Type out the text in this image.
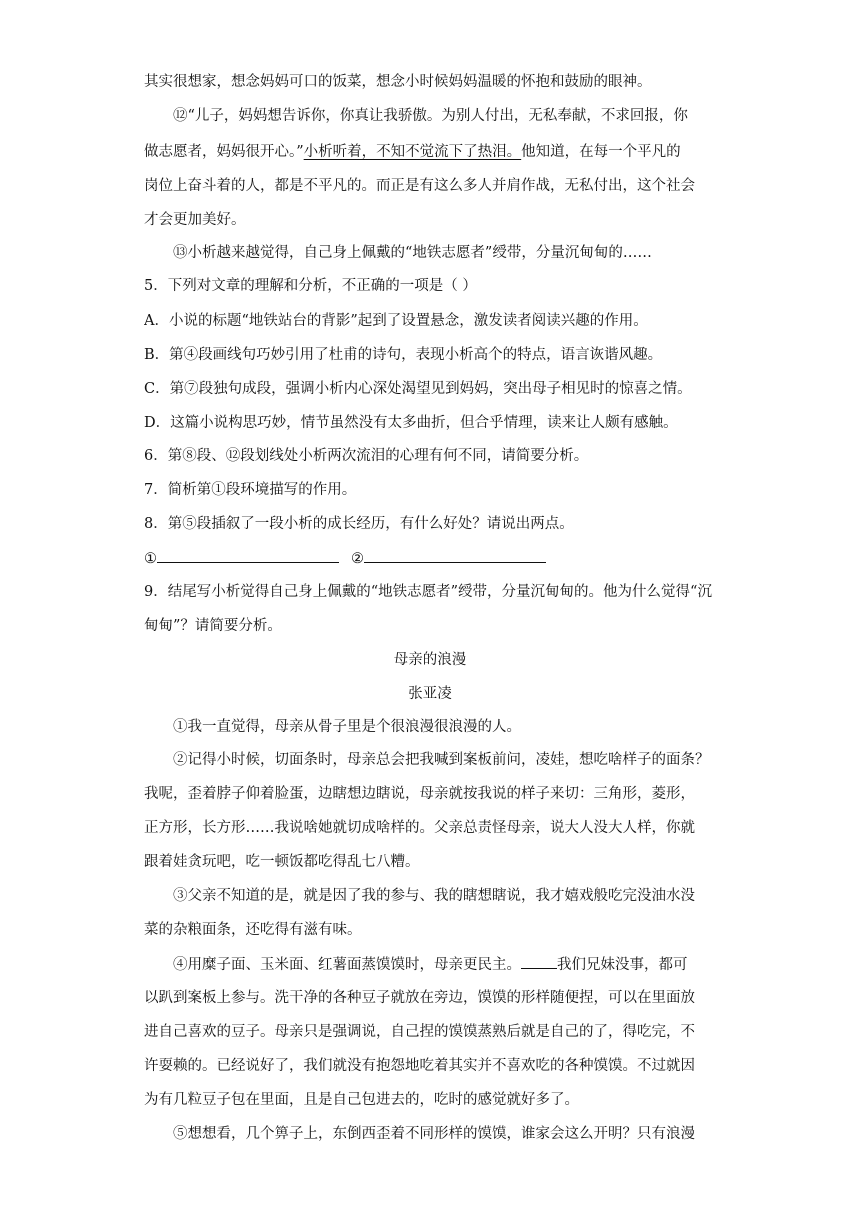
其实很想家，想念妈妈可口的饭菜，想念小时候妈妈温暖的怀抱和鼓励的眼神。
⑫“儿子，妈妈想告诉你，你真让我骄傲。为别人付出，无私奉献，不求回报，你
做志愿者，妈妈很开心。”小析听着，不知不觉流下了热泪。他知道，在每一个平凡的
岗位上奋斗着的人，都是不平凡的。而正是有这么多人并肩作战，无私付出，这个社会
才会更加美好。
⑬小析越来越觉得，自己身上佩戴的“地铁志愿者”绶带，分量沉甸甸的……
5．下列对文章的理解和分析，不正确的一项是（ ）
A．小说的标题“地铁站台的背影”起到了设置悬念，激发读者阅读兴趣的作用。
B．第④段画线句巧妙引用了杜甫的诗句，表现小析高个的特点，语言诙谐风趣。
C．第⑦段独句成段，强调小析内心深处渴望见到妈妈，突出母子相见时的惊喜之情。
D．这篇小说构思巧妙，情节虽然没有太多曲折，但合乎情理，读来让人颇有感触。
6．第⑧段、⑫段划线处小析两次流泪的心理有何不同，请简要分析。
7．简析第①段环境描写的作用。
8．第⑤段插叙了一段小析的成长经历，有什么好处？请说出两点。
①	②
9．结尾写小析觉得自己身上佩戴的“地铁志愿者”绶带，分量沉甸甸的。他为什么觉得“沉
甸甸”？请简要分析。
母亲的浪漫
张亚凌
①我一直觉得，母亲从骨子里是个很浪漫很浪漫的人。
②记得小时候，切面条时，母亲总会把我喊到案板前问，凌娃，想吃啥样子的面条？
我呢，歪着脖子仰着脸蛋，边瞎想边瞎说，母亲就按我说的样子来切：三角形，菱形，
正方形，长方形……我说啥她就切成啥样的。父亲总责怪母亲，说大人没大人样，你就
跟着娃贪玩吧，吃一顿饭都吃得乱七八糟。
③父亲不知道的是，就是因了我的参与、我的瞎想瞎说，我才嬉戏般吃完没油水没
菜的杂粮面条，还吃得有滋有味。
④用糜子面、玉米面、红薯面蒸馍馍时，母亲更民主。 我们兄妹没事，都可
以趴到案板上参与。洗干净的各种豆子就放在旁边，馍馍的形样随便捏，可以在里面放
进自己喜欢的豆子。母亲只是强调说，自己捏的馍馍蒸熟后就是自己的了，得吃完，不
许耍赖的。已经说好了，我们就没有抱怨地吃着其实并不喜欢吃的各种馍馍。不过就因
为有几粒豆子包在里面，且是自己包进去的，吃时的感觉就好多了。
⑤想想看，几个箅子上，东倒西歪着不同形样的馍馍，谁家会这么开明？只有浪漫
